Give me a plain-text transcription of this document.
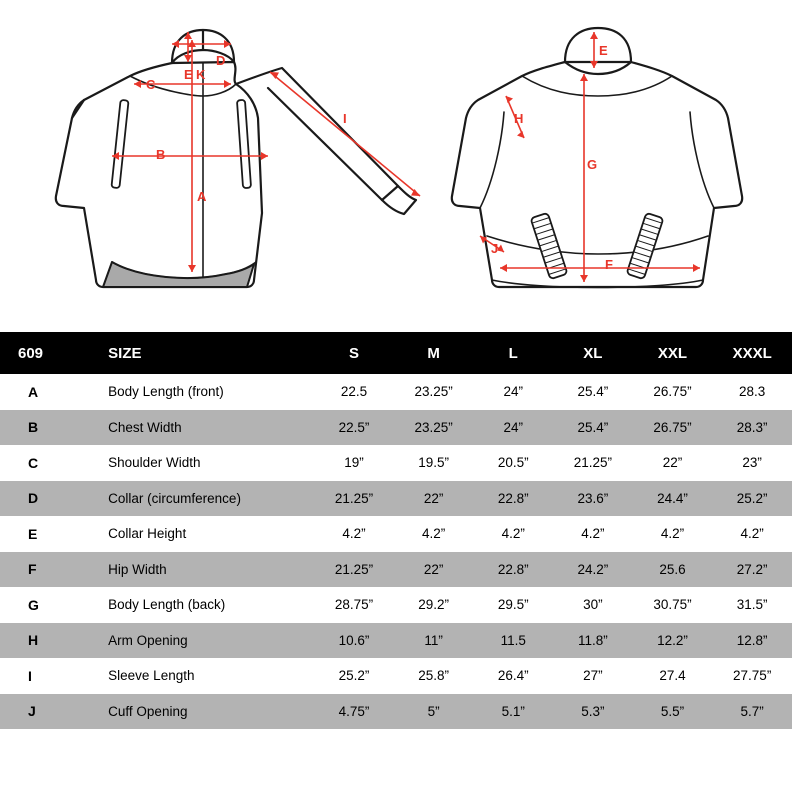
C
E K
D
B
A
I
E
H
G
J
F
609	SIZE	S	M	L	XL	XXL	XXXL
A	Body Length (front)	22.5	23.25”	24”	25.4”	26.75”	28.3
B	Chest Width	22.5”	23.25”	24”	25.4”	26.75”	28.3”
C	Shoulder Width	19”	19.5”	20.5”	21.25”	22”	23”
D	Collar (circumference)	21.25”	22”	22.8”	23.6”	24.4”	25.2”
E	Collar Height	4.2”	4.2”	4.2”	4.2”	4.2”	4.2”
F	Hip Width	21.25”	22”	22.8”	24.2”	25.6	27.2”
G	Body Length (back)	28.75”	29.2”	29.5”	30”	30.75”	31.5”
H	Arm Opening	10.6”	11”	11.5	11.8”	12.2”	12.8”
I	Sleeve Length	25.2”	25.8”	26.4”	27”	27.4	27.75”
J	Cuff Opening	4.75”	5”	5.1”	5.3”	5.5”	5.7”
